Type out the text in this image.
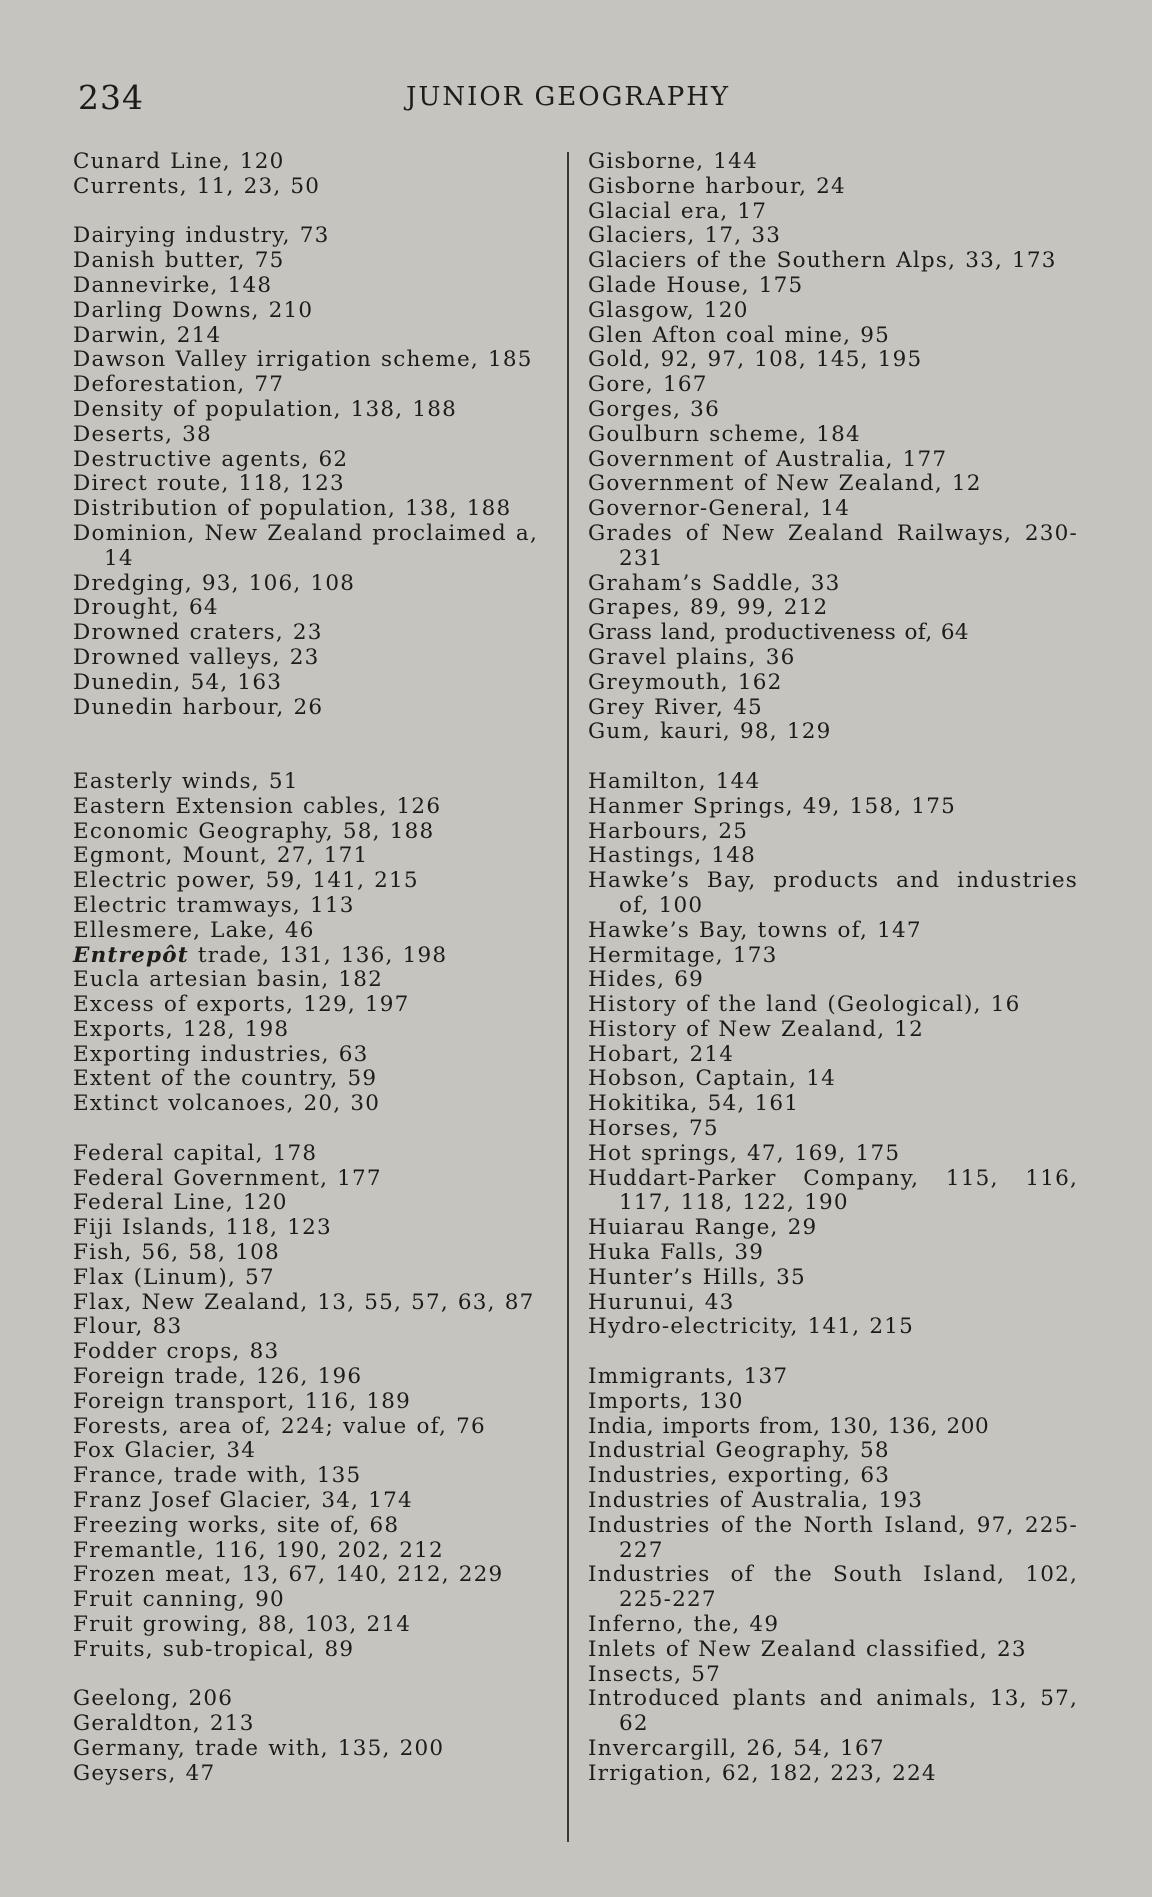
234	JUNIOR GEOGRAPHY
Cunard Line, 120
Currents, 11, 23, 50
Dairying industry, 73
Danish butter, 75
Dannevirke, 148
Darling Downs, 210
Darwin, 214
Dawson Valley irrigation scheme, 185
Deforestation, 77
Density of population, 138, 188
Deserts, 38
Destructive agents, 62
Direct route, 118, 123
Distribution of population, 138, 188
Dominion, New Zealand proclaimed a, 14
Dredging, 93, 106, 108
Drought, 64
Drowned craters, 23
Drowned valleys, 23
Dunedin, 54, 163
Dunedin harbour, 26
Easterly winds, 51
Eastern Extension cables, 126
Economic Geography, 58, 188
Egmont, Mount, 27, 171
Electric power, 59, 141, 215
Electric tramways, 113
Ellesmere, Lake, 46
Entrepôt trade, 131, 136, 198
Eucla artesian basin, 182
Excess of exports, 129, 197
Exports, 128, 198
Exporting industries, 63
Extent of the country, 59
Extinct volcanoes, 20, 30
Federal capital, 178
Federal Government, 177
Federal Line, 120
Fiji Islands, 118, 123
Fish, 56, 58, 108
Flax (Linum), 57
Flax, New Zealand, 13, 55, 57, 63, 87
Flour, 83
Fodder crops, 83
Foreign trade, 126, 196
Foreign transport, 116, 189
Forests, area of, 224; value of, 76
Fox Glacier, 34
France, trade with, 135
Franz Josef Glacier, 34, 174
Freezing works, site of, 68
Fremantle, 116, 190, 202, 212
Frozen meat, 13, 67, 140, 212, 229
Fruit canning, 90
Fruit growing, 88, 103, 214
Fruits, sub-tropical, 89
Geelong, 206
Geraldton, 213
Germany, trade with, 135, 200
Geysers, 47
Gisborne, 144
Gisborne harbour, 24
Glacial era, 17
Glaciers, 17, 33
Glaciers of the Southern Alps, 33, 173
Glade House, 175
Glasgow, 120
Glen Afton coal mine, 95
Gold, 92, 97, 108, 145, 195
Gore, 167
Gorges, 36
Goulburn scheme, 184
Government of Australia, 177
Government of New Zealand, 12
Governor-General, 14
Grades of New Zealand Railways, 230-231
Graham’s Saddle, 33
Grapes, 89, 99, 212
Grass land, productiveness of, 64
Gravel plains, 36
Greymouth, 162
Grey River, 45
Gum, kauri, 98, 129
Hamilton, 144
Hanmer Springs, 49, 158, 175
Harbours, 25
Hastings, 148
Hawke’s Bay, products and industries of, 100
Hawke’s Bay, towns of, 147
Hermitage, 173
Hides, 69
History of the land (Geological), 16
History of New Zealand, 12
Hobart, 214
Hobson, Captain, 14
Hokitika, 54, 161
Horses, 75
Hot springs, 47, 169, 175
Huddart-Parker Company, 115, 116, 117, 118, 122, 190
Huiarau Range, 29
Huka Falls, 39
Hunter’s Hills, 35
Hurunui, 43
Hydro-electricity, 141, 215
Immigrants, 137
Imports, 130
India, imports from, 130, 136, 200
Industrial Geography, 58
Industries, exporting, 63
Industries of Australia, 193
Industries of the North Island, 97, 225-227
Industries of the South Island, 102, 225-227
Inferno, the, 49
Inlets of New Zealand classified, 23
Insects, 57
Introduced plants and animals, 13, 57, 62
Invercargill, 26, 54, 167
Irrigation, 62, 182, 223, 224
